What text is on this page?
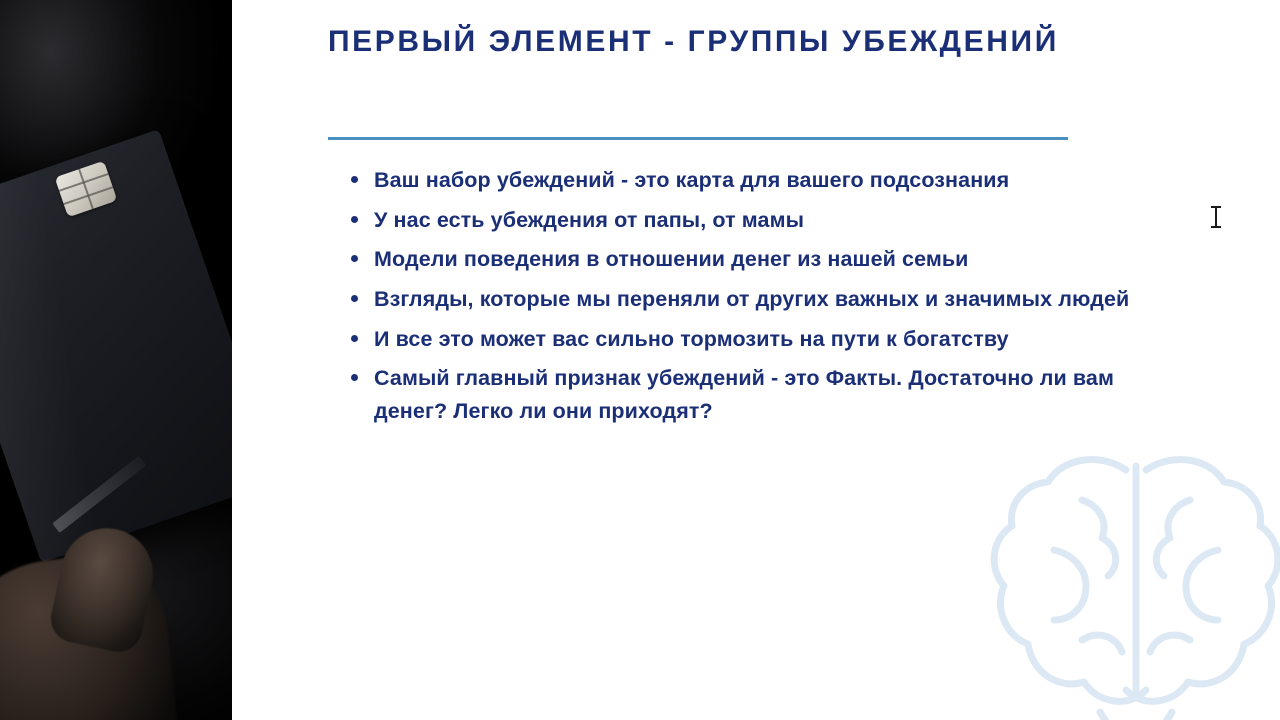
ПЕРВЫЙ ЭЛЕМЕНТ - ГРУППЫ УБЕЖДЕНИЙ
Ваш набор убеждений - это карта для вашего подсознания
У нас есть убеждения от папы, от мамы
Модели поведения в отношении денег из нашей семьи
Взгляды, которые мы переняли от других важных и значимых людей
И все это может вас сильно тормозить на пути к богатству
Самый главный признак убеждений - это Факты. Достаточно ли вам денег? Легко ли они приходят?
